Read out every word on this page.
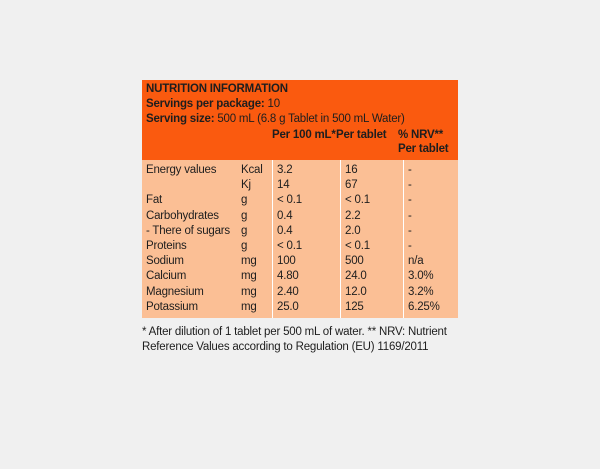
NUTRITION INFORMATION
Servings per package: 10
Serving size: 500 mL (6.8 g Tablet in 500 mL Water)
Per 100 mL* Per tablet	% NRV**
Per tablet
Energy values	Kcal	3.2	16	-
	Kj	14	67	-
Fat	g	< 0.1	< 0.1	-
Carbohydrates	g	0.4	2.2	-
- There of sugars	g	0.4	2.0	-
Proteins	g	< 0.1	< 0.1	-
Sodium	mg	100	500	n/a
Calcium	mg	4.80	24.0	3.0%
Magnesium	mg	2.40	12.0	3.2%
Potassium	mg	25.0	125	6.25%
* After dilution of 1 tablet per 500 mL of water. ** NRV: Nutrient Reference Values according to Regulation (EU) 1169/2011
